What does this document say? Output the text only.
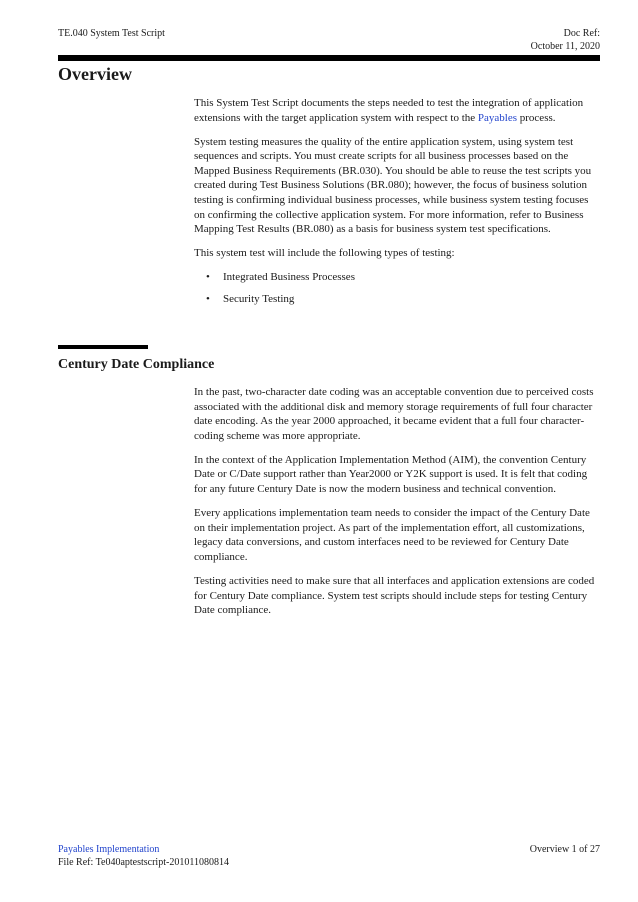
TE.040 System Test Script	Doc Ref:
October 11, 2020
Overview

This System Test Script documents the steps needed to test the integration of application extensions with the target application system with respect to the Payables process.

System testing measures the quality of the entire application system, using system test sequences and scripts. You must create scripts for all business processes based on the Mapped Business Requirements (BR.030). You should be able to reuse the test scripts you created during Test Business Solutions (BR.080); however, the focus of business solution testing is confirming individual business processes, while business system testing focuses on confirming the collective application system. For more information, refer to Business Mapping Test Results (BR.080) as a basis for business system test specifications.

This system test will include the following types of testing:

• Integrated Business Processes
• Security Testing
Century Date Compliance

In the past, two-character date coding was an acceptable convention due to perceived costs associated with the additional disk and memory storage requirements of full four character date encoding. As the year 2000 approached, it became evident that a full four character-coding scheme was more appropriate.

In the context of the Application Implementation Method (AIM), the convention Century Date or C/Date support rather than Year2000 or Y2K support is used. It is felt that coding for any future Century Date is now the modern business and technical convention.

Every applications implementation team needs to consider the impact of the Century Date on their implementation project. As part of the implementation effort, all customizations, legacy data conversions, and custom interfaces need to be reviewed for Century Date compliance.

Testing activities need to make sure that all interfaces and application extensions are coded for Century Date compliance. System test scripts should include steps for testing Century Date compliance.

Payables Implementation
File Ref: Te040aptestscript-201011080814
Overview 1 of 27
